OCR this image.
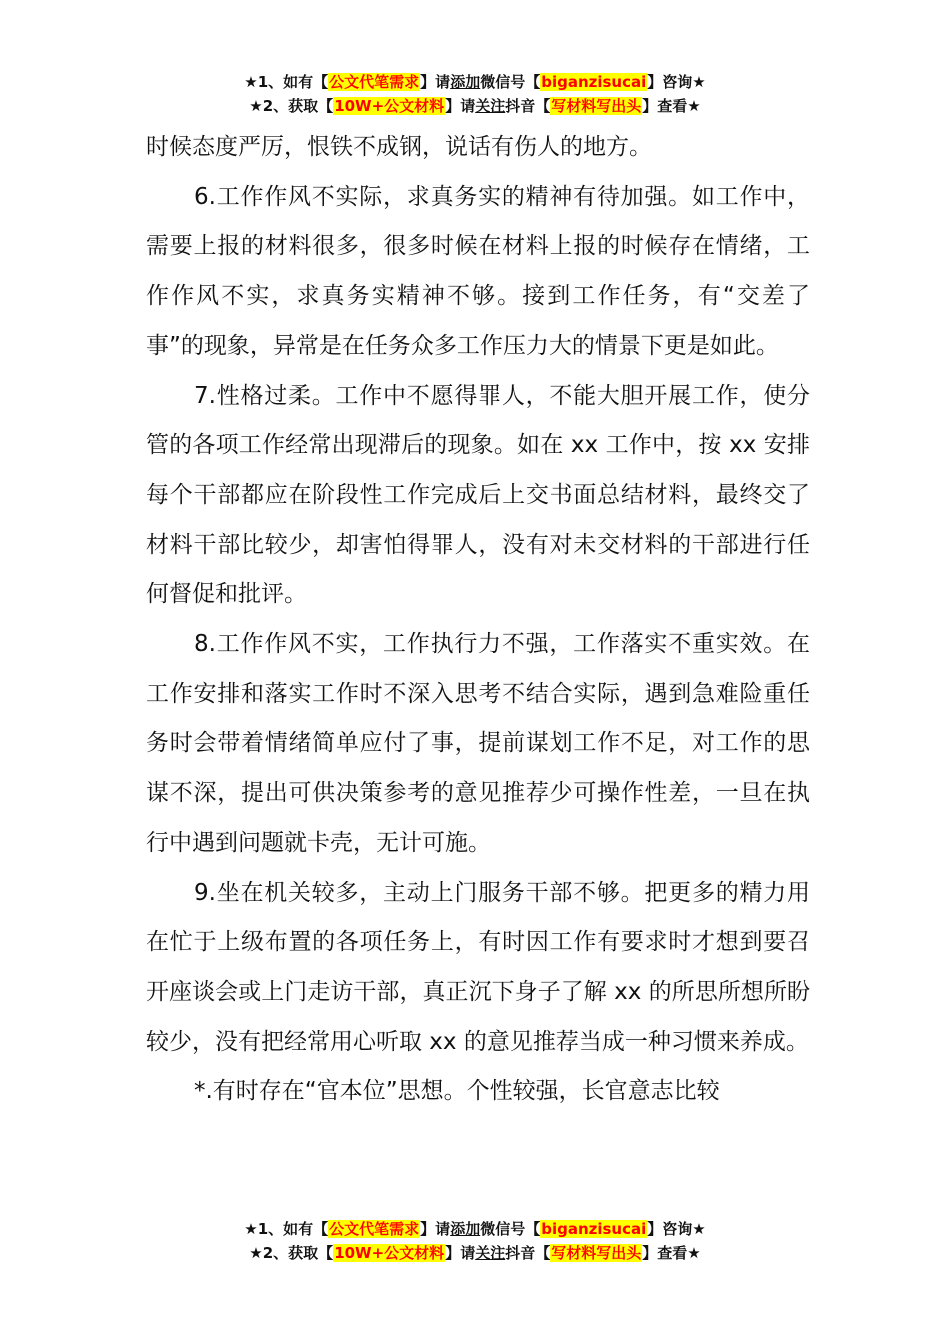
★1、如有【公文代笔需求】请添加微信号【biganzisucai】咨询★
★2、获取【10W+公文材料】请关注抖音【写材料写出头】查看★

时候态度严厉，恨铁不成钢，说话有伤人的地方。

6.工作作风不实际，求真务实的精神有待加强。如工作中，需要上报的材料很多，很多时候在材料上报的时候存在情绪，工作作风不实，求真务实精神不够。接到工作任务，有“交差了事”的现象，异常是在任务众多工作压力大的情景下更是如此。

7.性格过柔。工作中不愿得罪人，不能大胆开展工作，使分管的各项工作经常出现滞后的现象。如在 xx 工作中，按 xx 安排每个干部都应在阶段性工作完成后上交书面总结材料，最终交了材料干部比较少，却害怕得罪人，没有对未交材料的干部进行任何督促和批评。

8.工作作风不实，工作执行力不强，工作落实不重实效。在工作安排和落实工作时不深入思考不结合实际，遇到急难险重任务时会带着情绪简单应付了事，提前谋划工作不足，对工作的思谋不深，提出可供决策参考的意见推荐少可操作性差，一旦在执行中遇到问题就卡壳，无计可施。

9.坐在机关较多，主动上门服务干部不够。把更多的精力用在忙于上级布置的各项任务上，有时因工作有要求时才想到要召开座谈会或上门走访干部，真正沉下身子了解 xx 的所思所想所盼较少，没有把经常用心听取 xx 的意见推荐当成一种习惯来养成。

*.有时存在“官本位”思想。个性较强，长官意志比较

★1、如有【公文代笔需求】请添加微信号【biganzisucai】咨询★
★2、获取【10W+公文材料】请关注抖音【写材料写出头】查看★
